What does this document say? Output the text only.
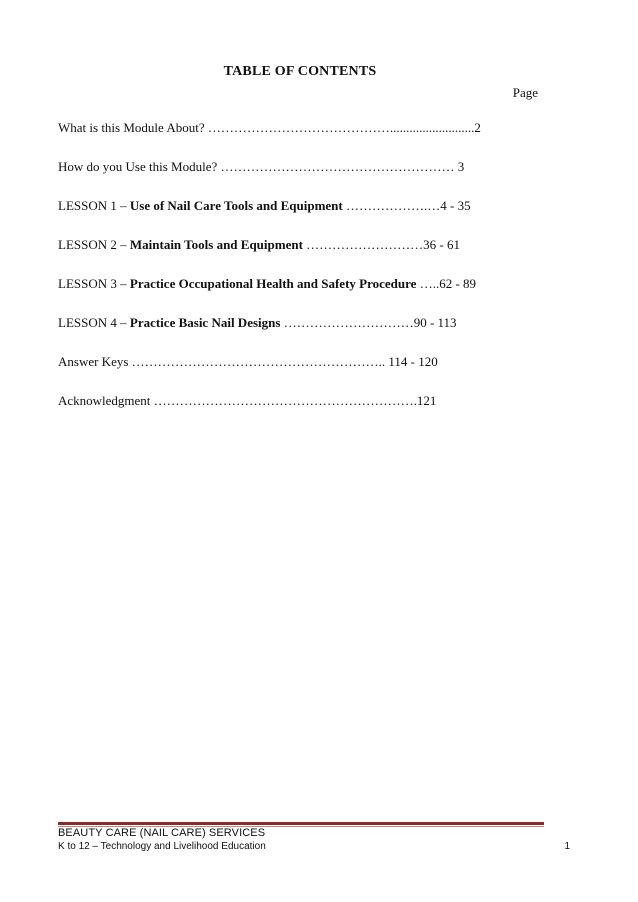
TABLE OF CONTENTS
Page
What is this Module About? ……………………………………..........................2
How do you Use this Module? ……………………………………………… 3
LESSON 1 – Use of Nail Care Tools and Equipment ……………….…4 - 35
LESSON 2 – Maintain Tools and Equipment ………………………36 - 61
LESSON 3 – Practice Occupational Health and Safety Procedure …..62 - 89
LESSON 4 – Practice Basic Nail Designs …………………………90 - 113
Answer Keys ………………………………………………….. 114 - 120
Acknowledgment …………………………………………………….121
BEAUTY CARE (NAIL CARE) SERVICES
K to 12 – Technology and Livelihood Education	1
